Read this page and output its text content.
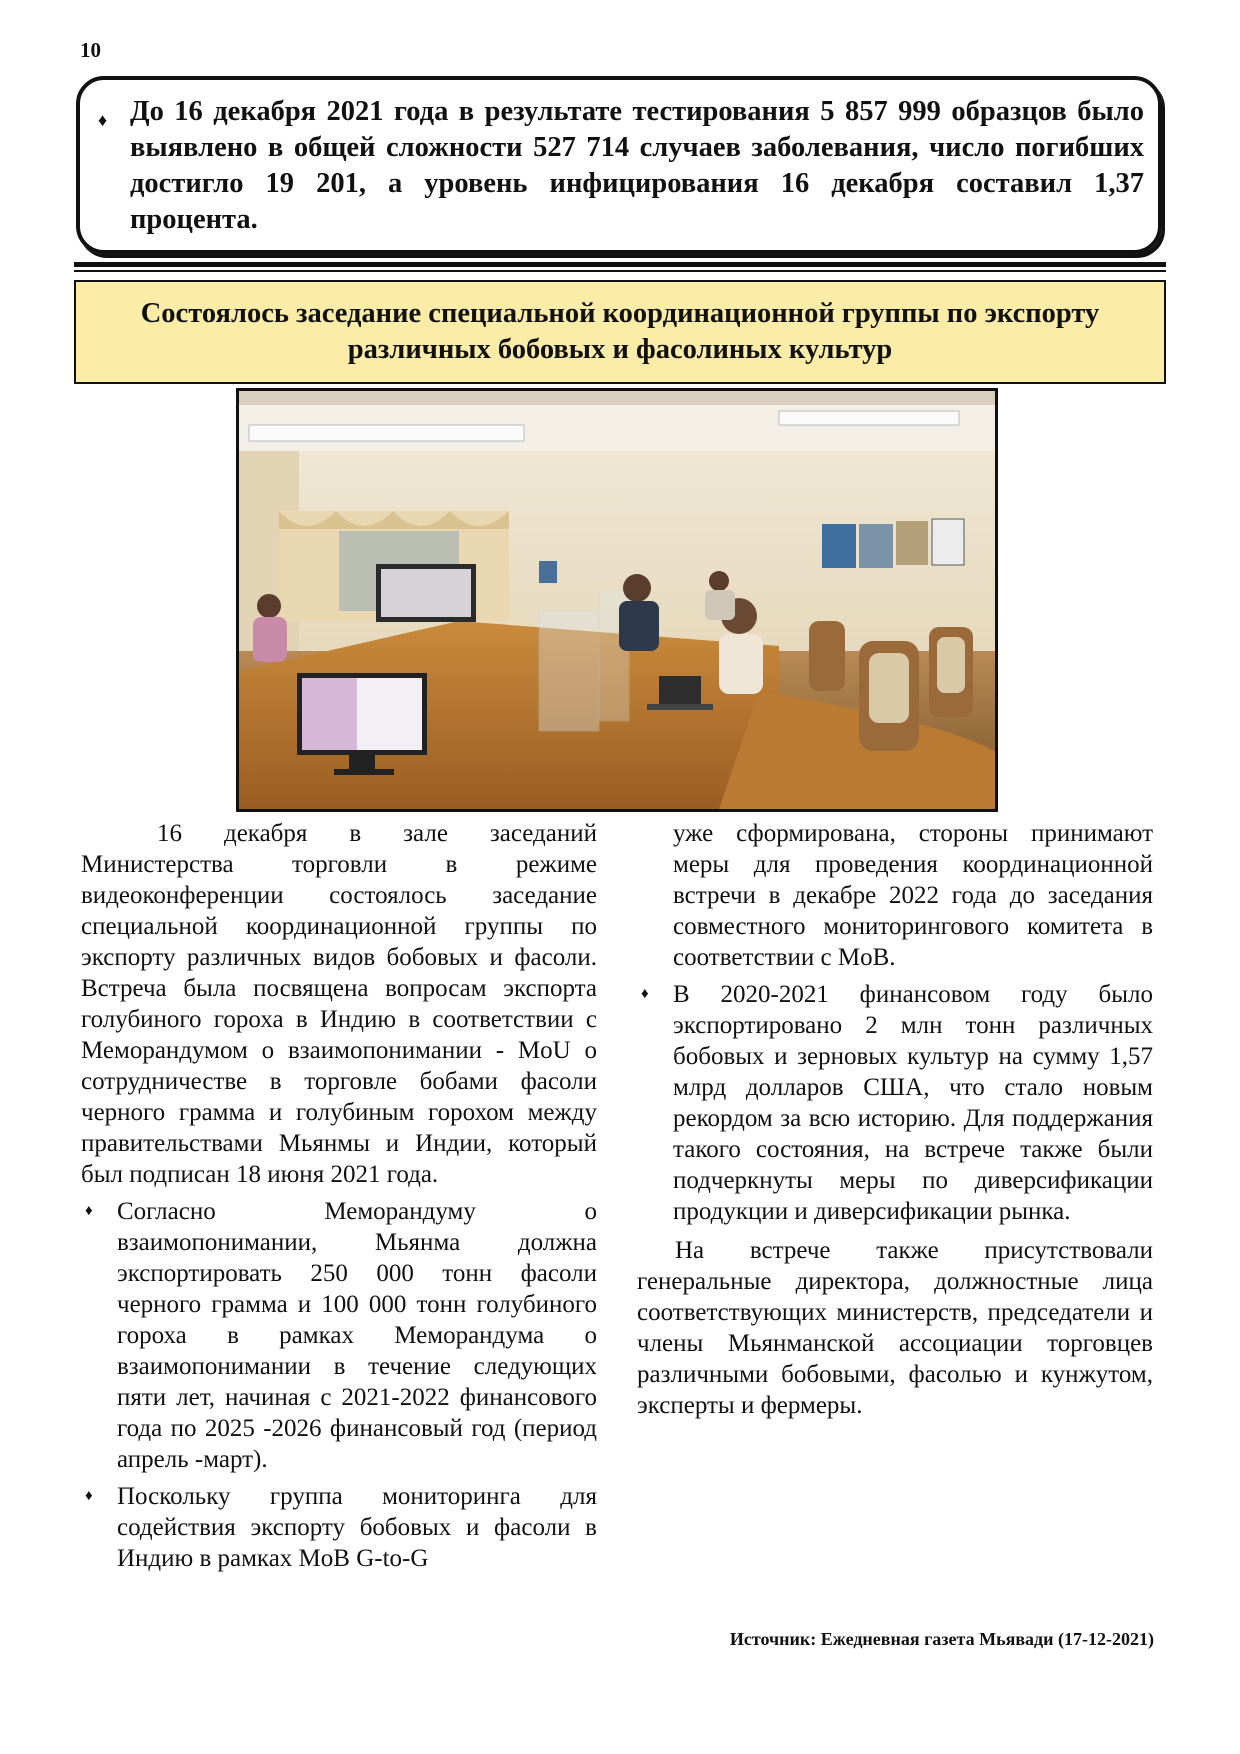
10
♦ До 16 декабря 2021 года в результате тестирования 5 857 999 образцов было выявлено в общей сложности 527 714 случаев заболевания, число погибших достигло 19 201, а уровень инфицирования 16 декабря составил 1,37 процента.
Состоялось заседание специальной координационной группы по экспорту различных бобовых и фасолиных культур

16 декабря в зале заседаний Министерства торговли в режиме видеоконференции состоялось заседание специальной координационной группы по экспорту различных видов бобовых и фасоли. Встреча была посвящена вопросам экспорта голубиного гороха в Индию в соответствии с Меморандумом о взаимопонимании - MoU о сотрудничестве в торговле бобами фасоли черного грамма и голубиным горохом между правительствами Мьянмы и Индии, который был подписан 18 июня 2021 года.

♦ Согласно Меморандуму о взаимопонимании, Мьянма должна экспортировать 250 000 тонн фасоли черного грамма и 100 000 тонн голубиного гороха в рамках Меморандума о взаимопонимании в течение следующих пяти лет, начиная с 2021-2022 финансового года по 2025 -2026 финансовый год (период апрель -март).

♦ Поскольку группа мониторинга для содействия экспорту бобовых и фасоли в Индию в рамках MoB G-to-G

уже сформирована, стороны принимают меры для проведения координационной встречи в декабре 2022 года до заседания совместного мониторингового комитета в соответствии с MoB.

♦ В 2020-2021 финансовом году было экспортировано 2 млн тонн различных бобовых и зерновых культур на сумму 1,57 млрд долларов США, что стало новым рекордом за всю историю. Для поддержания такого состояния, на встрече также были подчеркнуты меры по диверсификации продукции и диверсификации рынка.

На встрече также присутствовали генеральные директора, должностные лица соответствующих министерств, председатели и члены Мьянманской ассоциации торговцев различными бобовыми, фасолью и кунжутом, эксперты и фермеры.

Источник: Ежедневная газета Мьявади (17-12-2021)
